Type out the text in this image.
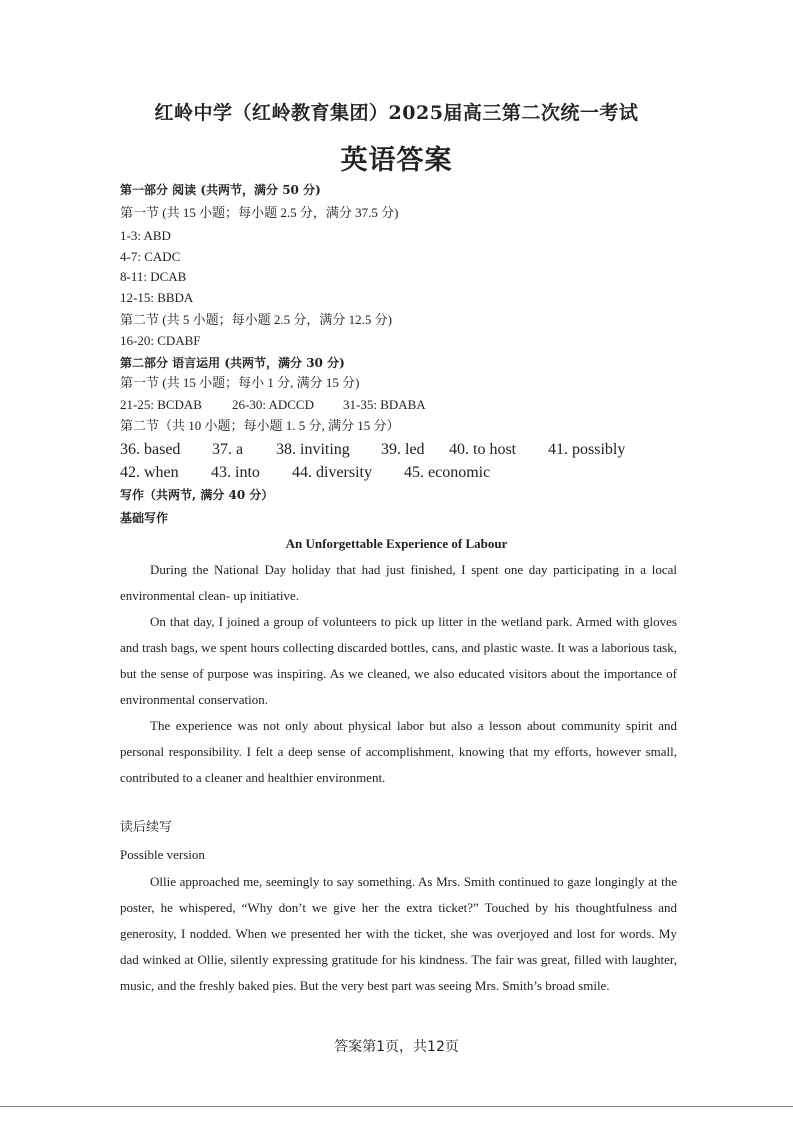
红岭中学（红岭教育集团）2025届高三第二次统一考试
英语答案
第一部分 阅读 (共两节，满分 50 分)
第一节 (共 15 小题；每小题 2.5 分，满分 37.5 分)
1-3: ABD
4-7: CADC
8-11: DCAB
12-15: BBDA
第二节 (共 5 小题；每小题 2.5 分，满分 12.5 分)
16-20: CDABF
第二部分 语言运用 (共两节，满分 30 分)
第一节 (共 15 小题；每小 1 分, 满分 15 分)
21-25: BCDAB 26-30: ADCCD 31-35: BDABA
第二节（共 10 小题；每小题 1. 5 分, 满分 15 分）
36. based 37. a 38. inviting 39. led 40. to host 41. possibly
42. when 43. into 44. diversity 45. economic
写作（共两节, 满分 40 分）
基础写作
An Unforgettable Experience of Labour

During the National Day holiday that had just finished, I spent one day participating in a local environmental clean- up initiative.

On that day, I joined a group of volunteers to pick up litter in the wetland park. Armed with gloves and trash bags, we spent hours collecting discarded bottles, cans, and plastic waste. It was a laborious task, but the sense of purpose was inspiring. As we cleaned, we also educated visitors about the importance of environmental conservation.

The experience was not only about physical labor but also a lesson about community spirit and personal responsibility. I felt a deep sense of accomplishment, knowing that my efforts, however small, contributed to a cleaner and healthier environment.

读后续写
Possible version

Ollie approached me, seemingly to say something. As Mrs. Smith continued to gaze longingly at the poster, he whispered, “Why don’t we give her the extra ticket?” Touched by his thoughtfulness and generosity, I nodded. When we presented her with the ticket, she was overjoyed and lost for words. My dad winked at Ollie, silently expressing gratitude for his kindness. The fair was great, filled with laughter, music, and the freshly baked pies. But the very best part was seeing Mrs. Smith’s broad smile.

答案第1页，共12页
